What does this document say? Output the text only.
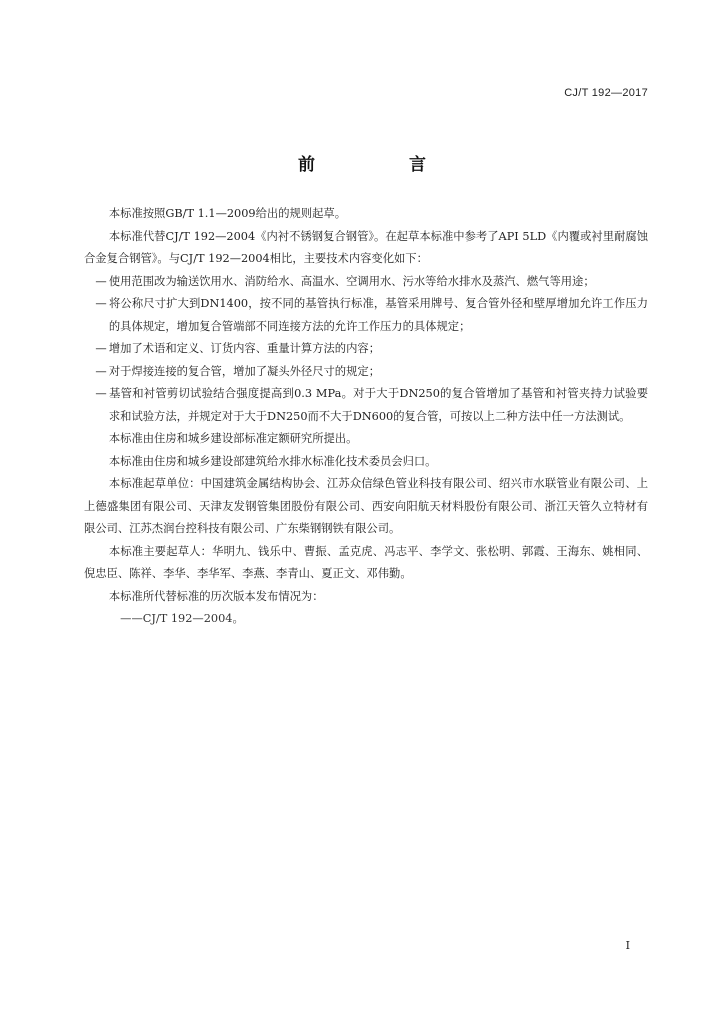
CJ/T 192—2017
前 言

本标准按照GB/T 1.1—2009给出的规则起草。

本标准代替CJ/T 192—2004《内衬不锈钢复合钢管》。在起草本标准中参考了API 5LD《内覆或衬里耐腐蚀合金复合钢管》。与CJ/T 192—2004相比，主要技术内容变化如下：

— 使用范围改为输送饮用水、消防给水、高温水、空调用水、污水等给水排水及蒸汽、燃气等用途；

— 将公称尺寸扩大到DN1400，按不同的基管执行标准，基管采用牌号、复合管外径和壁厚增加允许工作压力的具体规定，增加复合管端部不同连接方法的允许工作压力的具体规定；

— 增加了术语和定义、订货内容、重量计算方法的内容；

— 对于焊接连接的复合管，增加了凝头外径尺寸的规定；

— 基管和衬管剪切试验结合强度提高到0.3 MPa。对于大于DN250的复合管增加了基管和衬管夹持力试验要求和试验方法，并规定对于大于DN250而不大于DN600的复合管，可按以上二种方法中任一方法测试。

本标准由住房和城乡建设部标准定额研究所提出。

本标准由住房和城乡建设部建筑给水排水标准化技术委员会归口。

本标准起草单位：中国建筑金属结构协会、江苏众信绿色管业科技有限公司、绍兴市水联管业有限公司、上上德盛集团有限公司、天津友发钢管集团股份有限公司、西安向阳航天材料股份有限公司、浙江天管久立特材有限公司、江苏杰润台控科技有限公司、广东柴钢钢铁有限公司。

本标准主要起草人：华明九、钱乐中、曹振、孟克虎、冯志平、李学文、张松明、郭霞、王海东、姚相同、倪忠臣、陈祥、李华、李华军、李燕、李青山、夏正文、邓伟勤。

本标准所代替标准的历次版本发布情况为：

——CJ/T 192—2004。

I
